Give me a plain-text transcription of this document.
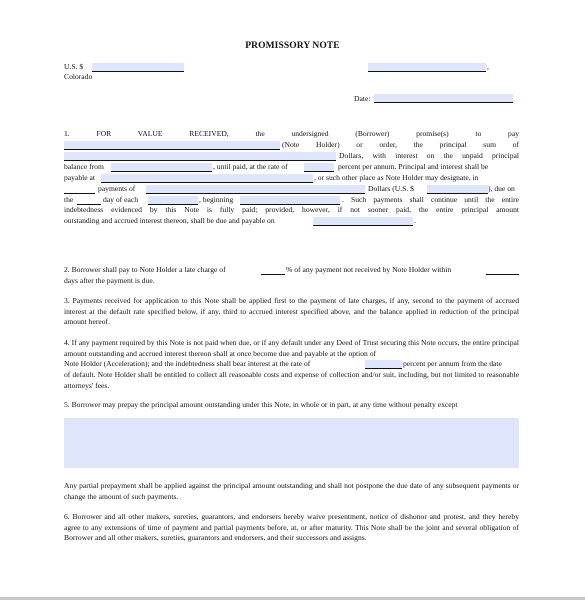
PROMISSORY NOTE
U.S. $
Colorado
,
Date:
1. FOR VALUE RECEIVED, the undersigned (Borrower) promise(s) to pay
(Note Holder) or order, the principal sum of
Dollars, with interest on the unpaid principal
balance from	, until paid, at the rate of	percent per annum. Principal and interest shall be
payable at	, or such other place as Note Holder may designate, in
payments of	Dollars (U.S. $	), due on
the	day of each	, beginning	. Such payments shall continue until the entire
indebtedness evidenced by this Note is fully paid; provided, however, if not sooner paid, the entire principal amount
outstanding and accrued interest thereon, shall be due and payable on	.
2. Borrower shall pay to Note Holder a late charge of	% of any payment not received by Note Holder within
days after the payment is due.
3. Payments received for application to this Note shall be applied first to the payment of late charges, if any, second to the payment of accrued interest at the default rate specified below, if any, third to accrued interest specified above, and the balance applied in reduction of the principal amount hereof.
4. If any payment required by this Note is not paid when due, or if any default under any Deed of Trust securing this Note occurs, the entire principal amount outstanding and accrued interest thereon shall at once become due and payable at the option of
Note Holder (Acceleration); and the indebtedness shall bear interest at the rate of	percent per annum from the date
5. Borrower may prepay the principal amount outstanding under this Note, in whole or in part, at any time without penalty except
Any partial prepayment shall be applied against the principal amount outstanding and shall not postpone the due date of any subsequent payments or change the amount of such payments.
6. Borrower and all other makers, sureties, guarantors, and endorsers hereby waive presentment, notice of dishonor and protest, and they hereby agree to any extensions of time of payment and partial payments before, at, or after maturity. This Note shall be the joint and several obligation of Borrower and all other makers, sureties, guarantors and endorsers, and their successors and assigns.
of default. Note Holder shall be entitled to collect all reasonable costs and expense of collection and/or suit, including, but not limited to reasonable attorneys' fees.
